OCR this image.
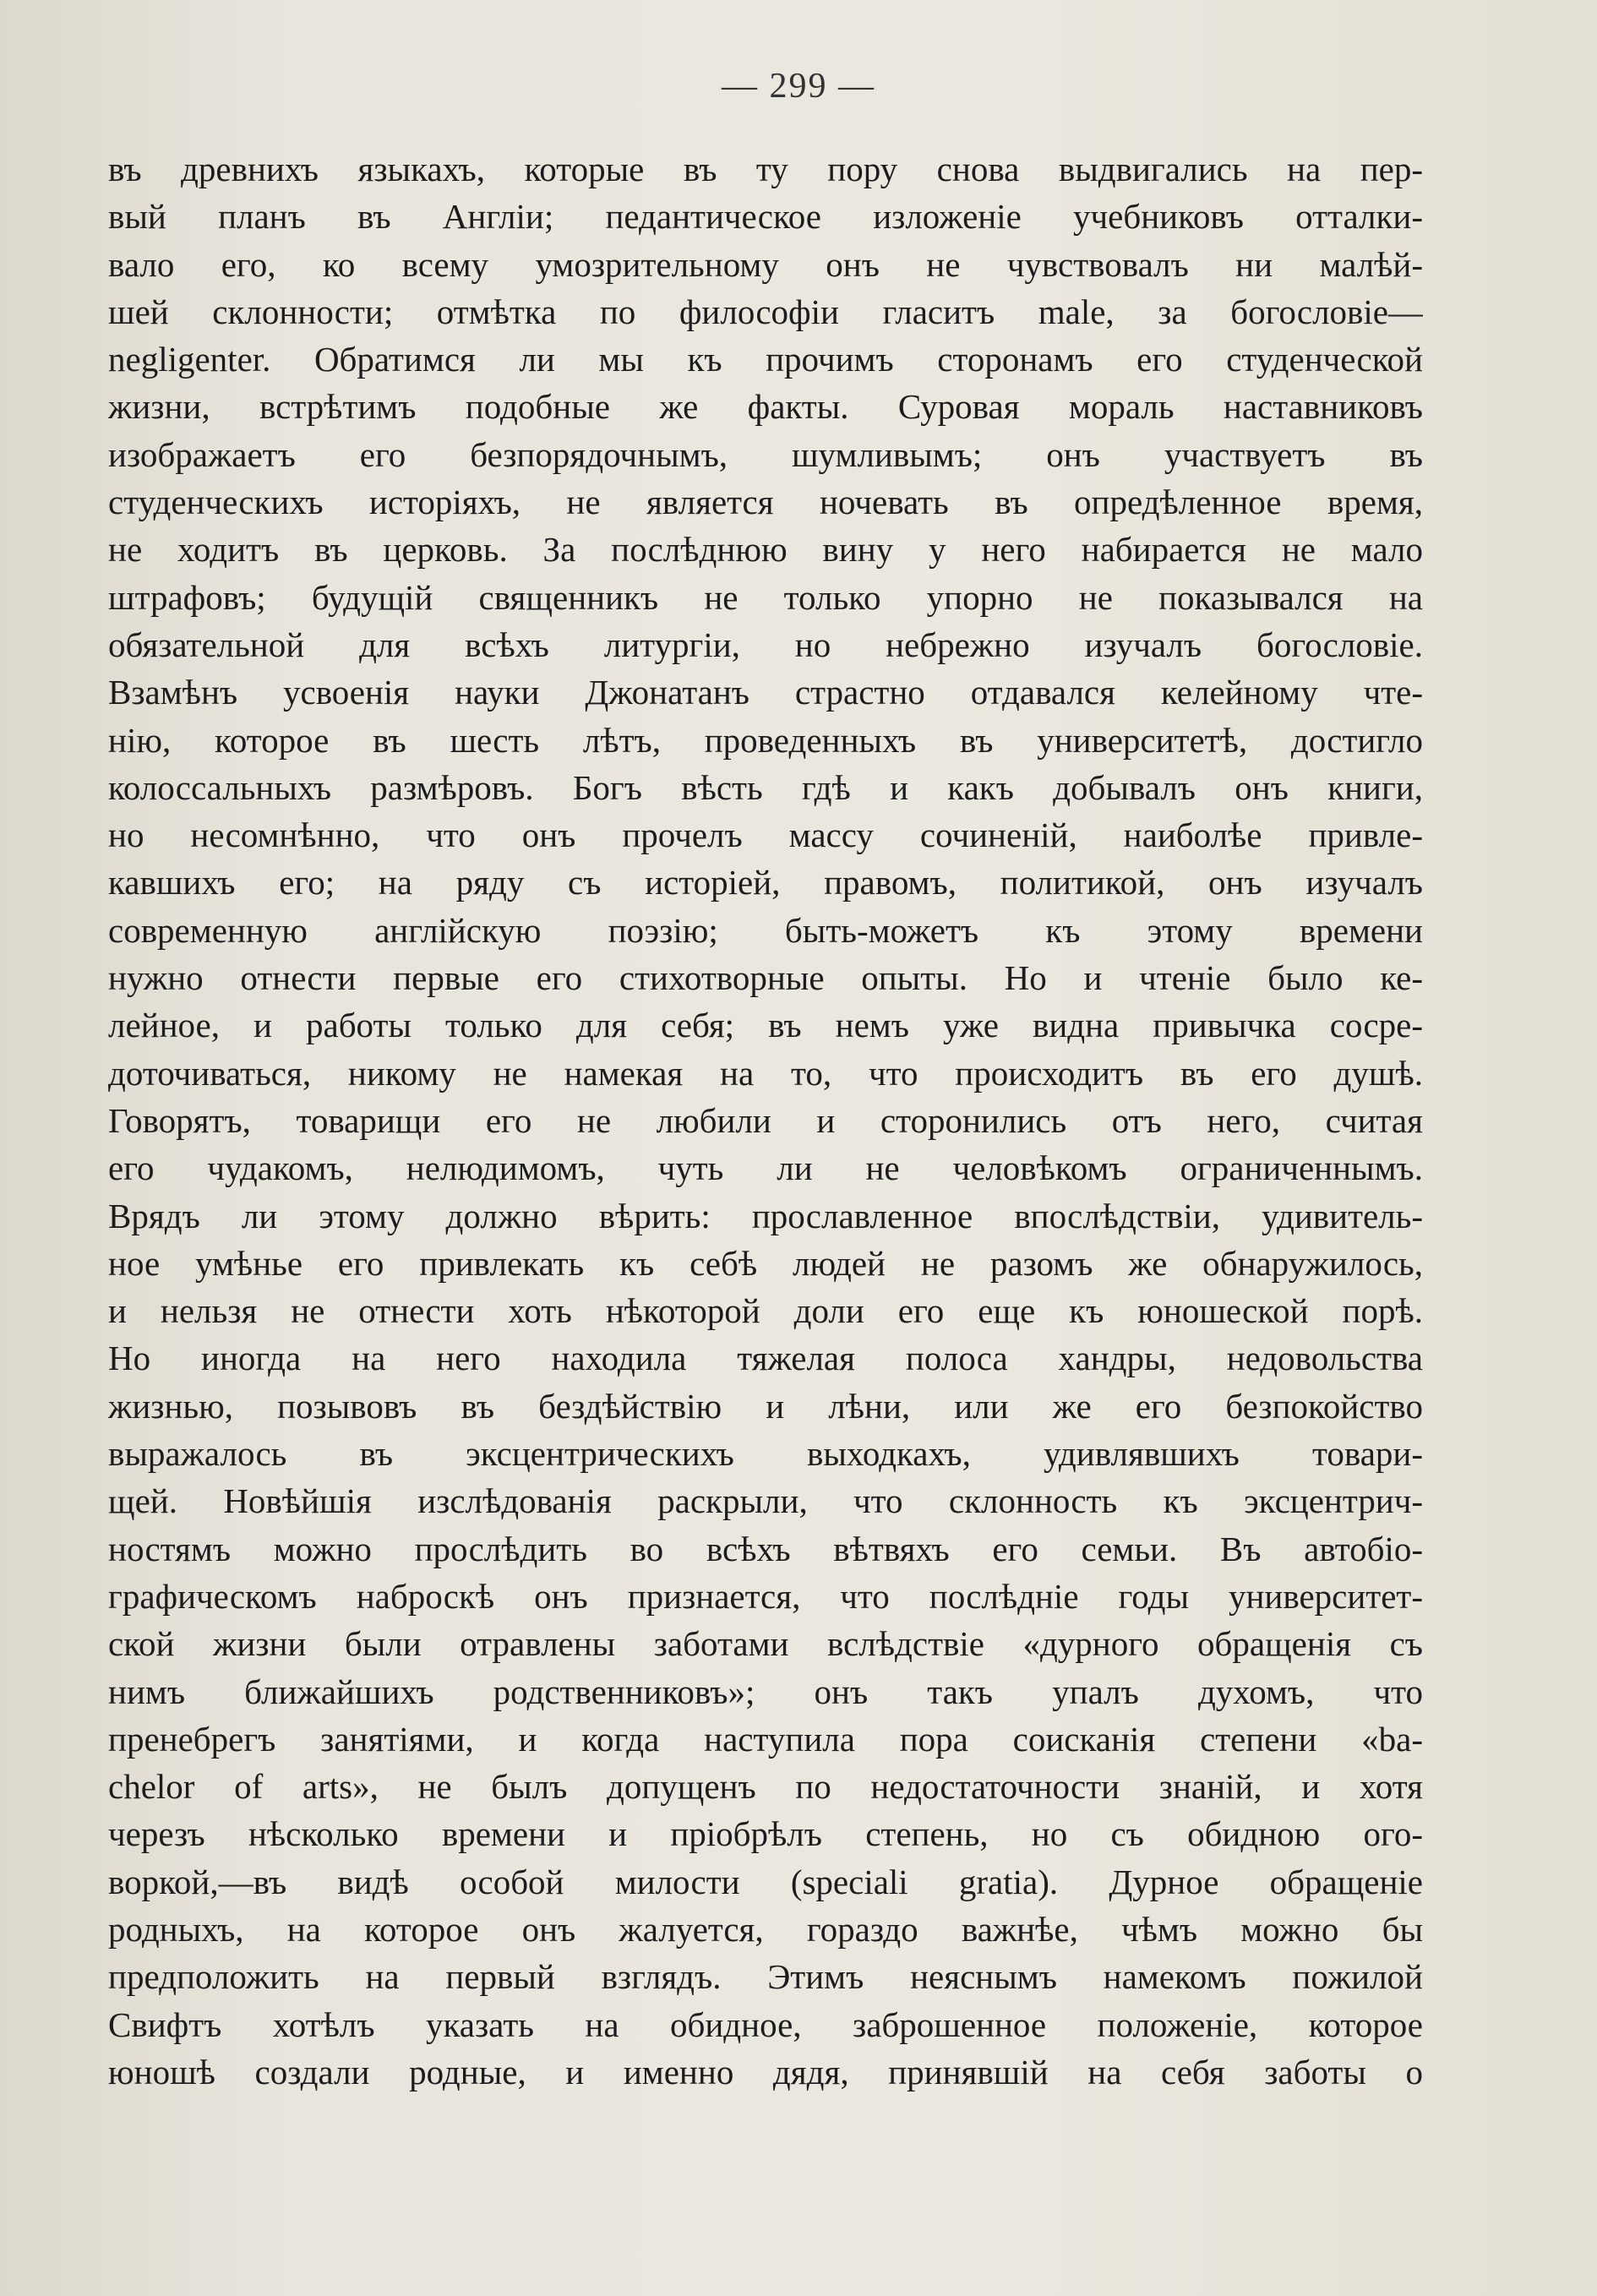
— 299 —
въ древнихъ языкахъ, которые въ ту пору снова выдвигались на пер-
вый планъ въ Англіи; педантическое изложеніе учебниковъ отталки-
вало его, ко всему умозрительному онъ не чувствовалъ ни малѣй-
шей склонности; отмѣтка по философіи гласитъ male, за богословіе—
negligenter. Обратимся ли мы къ прочимъ сторонамъ его студенческой
жизни, встрѣтимъ подобные же факты. Суровая мораль наставниковъ
изображаетъ его безпорядочнымъ, шумливымъ; онъ участвуетъ въ
студенческихъ исторіяхъ, не является ночевать въ опредѣленное время,
не ходитъ въ церковь. За послѣднюю вину у него набирается не мало
штрафовъ; будущій священникъ не только упорно не показывался на
обязательной для всѣхъ литургіи, но небрежно изучалъ богословіе.
Взамѣнъ усвоенія науки Джонатанъ страстно отдавался келейному чте-
нію, которое въ шесть лѣтъ, проведенныхъ въ университетѣ, достигло
колоссальныхъ размѣровъ. Богъ вѣсть гдѣ и какъ добывалъ онъ книги,
но несомнѣнно, что онъ прочелъ массу сочиненій, наиболѣе привле-
кавшихъ его; на ряду съ исторіей, правомъ, политикой, онъ изучалъ
современную англійскую поэзію; быть-можетъ къ этому времени
нужно отнести первые его стихотворные опыты. Но и чтеніе было ке-
лейное, и работы только для себя; въ немъ уже видна привычка сосре-
доточиваться, никому не намекая на то, что происходитъ въ его душѣ.
Говорятъ, товарищи его не любили и сторонились отъ него, считая
его чудакомъ, нелюдимомъ, чуть ли не человѣкомъ ограниченнымъ.
Врядъ ли этому должно вѣрить: прославленное впослѣдствіи, удивитель-
ное умѣнье его привлекать къ себѣ людей не разомъ же обнаружилось,
и нельзя не отнести хоть нѣкоторой доли его еще къ юношеской порѣ.
Но иногда на него находила тяжелая полоса хандры, недовольства
жизнью, позывовъ въ бездѣйствію и лѣни, или же его безпокойство
выражалось въ эксцентрическихъ выходкахъ, удивлявшихъ товари-
щей. Новѣйшія изслѣдованія раскрыли, что склонность къ эксцентрич-
ностямъ можно прослѣдить во всѣхъ вѣтвяхъ его семьи. Въ автобіо-
графическомъ наброскѣ онъ признается, что послѣдніе годы университет-
ской жизни были отравлены заботами вслѣдствіе «дурного обращенія съ
нимъ ближайшихъ родственниковъ»; онъ такъ упалъ духомъ, что
пренебрегъ занятіями, и когда наступила пора соисканія степени «ba-
chelor of arts», не былъ допущенъ по недостаточности знаній, и хотя
черезъ нѣсколько времени и пріобрѣлъ степень, но съ обидною ого-
воркой,—въ видѣ особой милости (speciali gratia). Дурное обращеніе
родныхъ, на которое онъ жалуется, гораздо важнѣе, чѣмъ можно бы
предположить на первый взглядъ. Этимъ неяснымъ намекомъ пожилой
Свифтъ хотѣлъ указать на обидное, заброшенное положеніе, которое
юношѣ создали родные, и именно дядя, принявшій на себя заботы о
